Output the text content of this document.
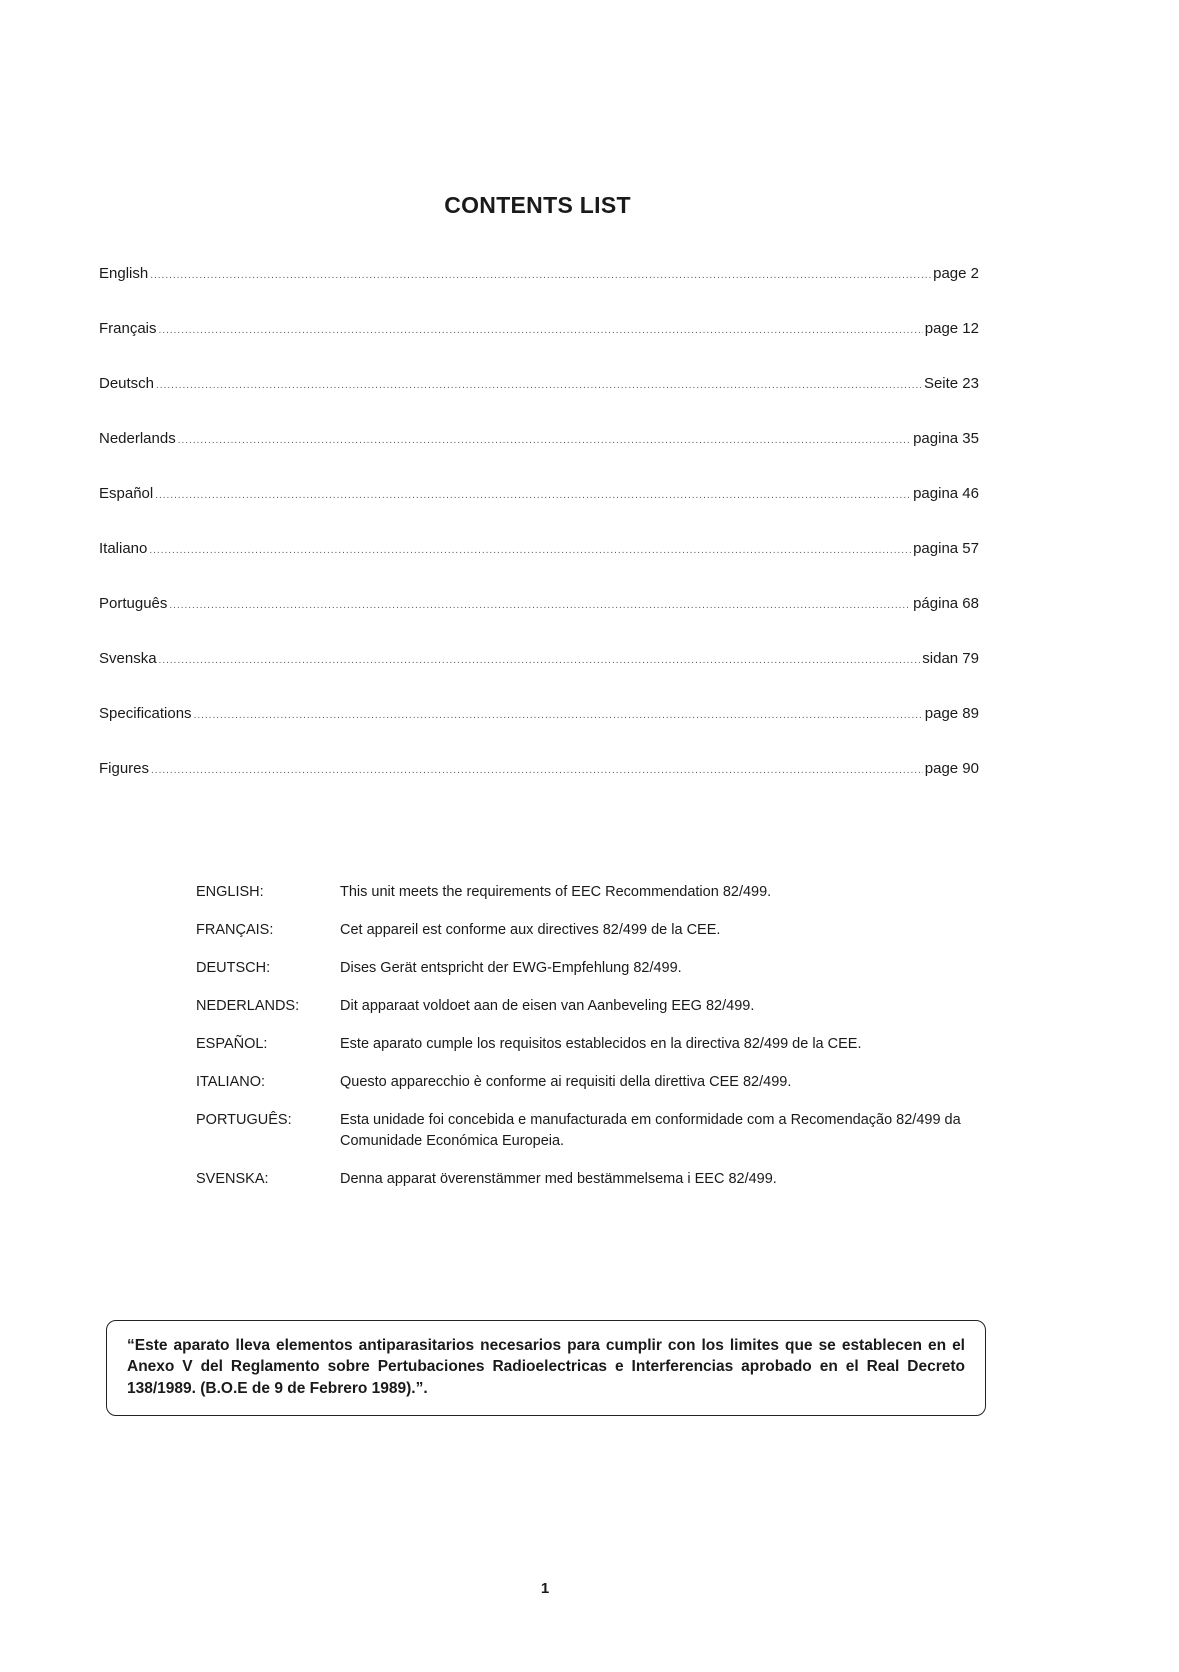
CONTENTS LIST
English .....	page 2
Français .....	page 12
Deutsch .....	Seite 23
Nederlands .....	pagina 35
Español .....	pagina 46
Italiano .....	pagina 57
Português .....	página 68
Svenska .....	sidan 79
Specifications .....	page 89
Figures .....	page 90
ENGLISH:	This unit meets the requirements of EEC Recommendation 82/499.
FRANÇAIS:	Cet appareil est conforme aux directives 82/499 de la CEE.
DEUTSCH:	Dises Gerät entspricht der EWG-Empfehlung 82/499.
NEDERLANDS:	Dit apparaat voldoet aan de eisen van Aanbeveling EEG 82/499.
ESPAÑOL:	Este aparato cumple los requisitos establecidos en la directiva 82/499 de la CEE.
ITALIANO:	Questo apparecchio è conforme ai requisiti della direttiva CEE 82/499.
PORTUGUÊS:	Esta unidade foi concebida e manufacturada em conformidade com a Recomendação 82/499 da Comunidade Económica Europeia.
SVENSKA:	Denna apparat överenstämmer med bestämmelsema i EEC 82/499.
“Este aparato lleva elementos antiparasitarios necesarios para cumplir con los limites que se establecen en el Anexo V del Reglamento sobre Pertubaciones Radioelectricas e Interferencias aprobado en el Real Decreto 138/1989. (B.O.E de 9 de Febrero 1989).”.
1
